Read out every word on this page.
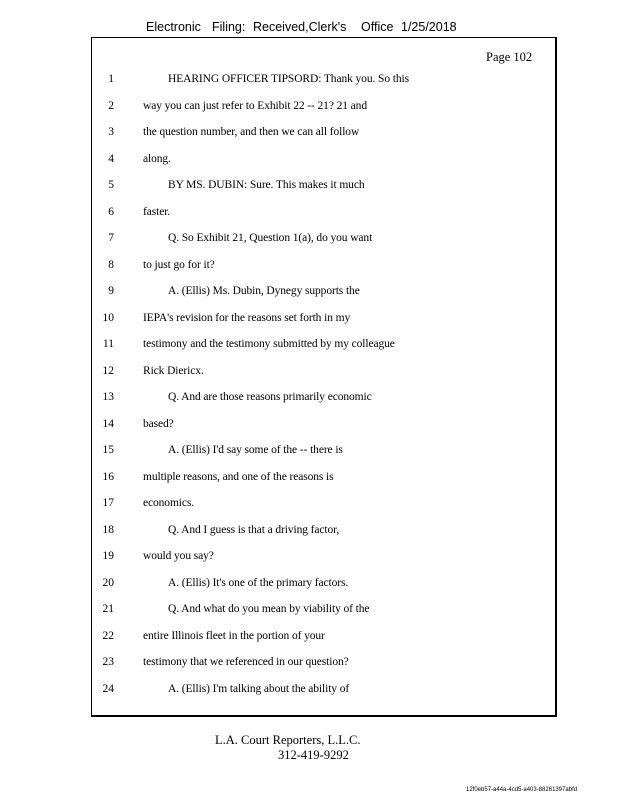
Electronic Filing: Received,Clerk's Office 1/25/2018
Page 102
1	HEARING OFFICER TIPSORD: Thank you. So this
2	way you can just refer to Exhibit 22 -- 21? 21 and
3	the question number, and then we can all follow
4	along.
5	BY MS. DUBIN: Sure. This makes it much
6	faster.
7	Q. So Exhibit 21, Question 1(a), do you want
8	to just go for it?
9	A. (Ellis) Ms. Dubin, Dynegy supports the
10	IEPA's revision for the reasons set forth in my
11	testimony and the testimony submitted by my colleague
12	Rick Diericx.
13	Q. And are those reasons primarily economic
14	based?
15	A. (Ellis) I'd say some of the -- there is
16	multiple reasons, and one of the reasons is
17	economics.
18	Q. And I guess is that a driving factor,
19	would you say?
20	A. (Ellis) It's one of the primary factors.
21	Q. And what do you mean by viability of the
22	entire Illinois fleet in the portion of your
23	testimony that we referenced in our question?
24	A. (Ellis) I'm talking about the ability of
L.A. Court Reporters, L.L.C.
312-419-9292
12f0eb57-a44a-4cd5-a403-88261397abfd
